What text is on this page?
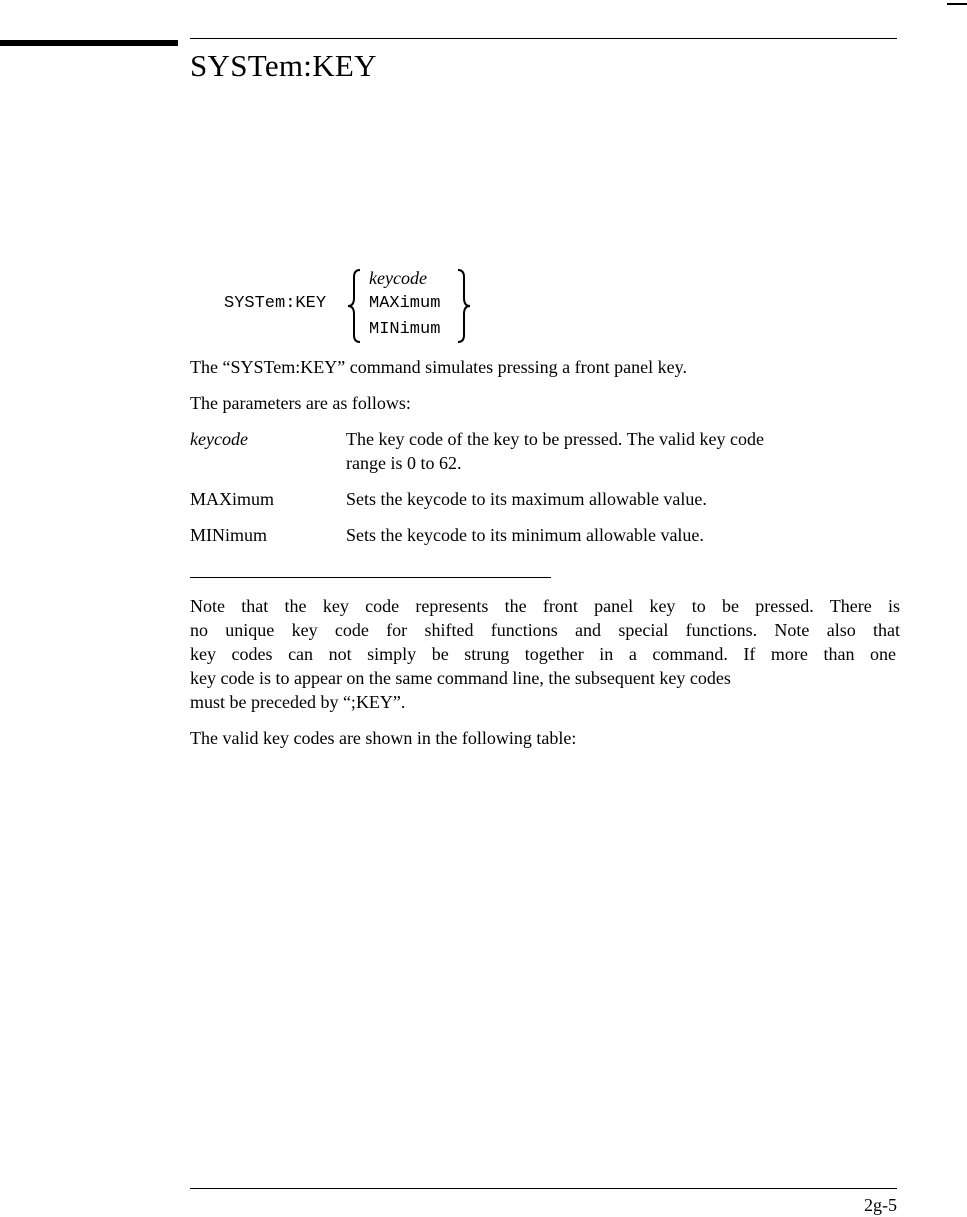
SYSTem:KEY
SYSTem:KEY
keycode
MAXimum
MINimum
The “SYSTem:KEY” command simulates pressing a front panel key.
The parameters are as follows:
keycode	The key code of the key to be pressed. The valid key code
range is 0 to 62.
MAXimum	Sets the keycode to its maximum allowable value.
MINimum	Sets the keycode to its minimum allowable value.
Note that the key code represents the front panel key to be pressed. There is
no unique key code for shifted functions and special functions. Note also that
key codes can not simply be strung together in a command. If more than one
key code is to appear on the same command line, the subsequent key codes
must be preceded by “;KEY”.
The valid key codes are shown in the following table:
2g-5
